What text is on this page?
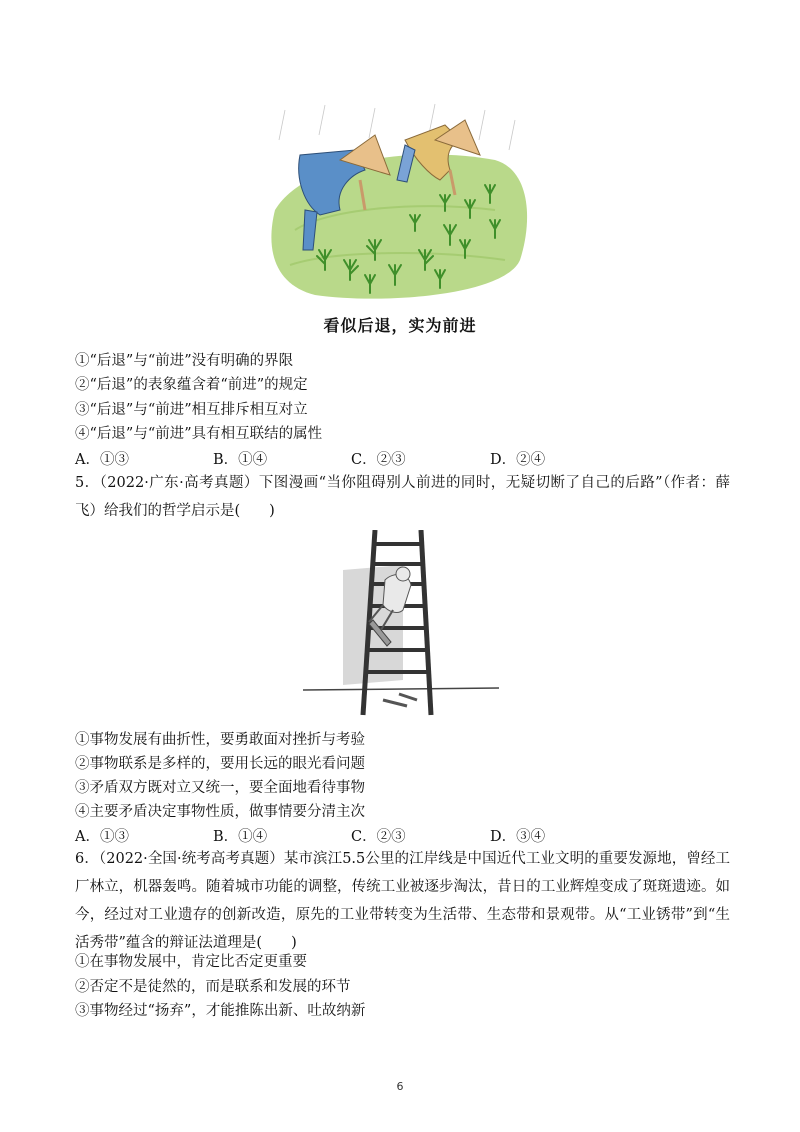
看似后退，实为前进
①“后退”与“前进”没有明确的界限
②“后退”的表象蕴含着“前进”的规定
③“后退”与“前进”相互排斥相互对立
④“后退”与“前进”具有相互联结的属性
A．①③	B．①④	C．②③	D．②④
5．（2022·广东·高考真题）下图漫画“当你阻碍别人前进的同时，无疑切断了自己的后路”（作者：薛飞）给我们的哲学启示是(　　)
①事物发展有曲折性，要勇敢面对挫折与考验
②事物联系是多样的，要用长远的眼光看问题
③矛盾双方既对立又统一，要全面地看待事物
④主要矛盾决定事物性质，做事情要分清主次
A．①③	B．①④	C．②③	D．③④
6．（2022·全国·统考高考真题）某市滨江5.5公里的江岸线是中国近代工业文明的重要发源地，曾经工厂林立，机器轰鸣。随着城市功能的调整，传统工业被逐步淘汰，昔日的工业辉煌变成了斑斑遗迹。如今，经过对工业遗存的创新改造，原先的工业带转变为生活带、生态带和景观带。从“工业锈带”到“生活秀带”蕴含的辩证法道理是(　　)
①在事物发展中，肯定比否定更重要
②否定不是徒然的，而是联系和发展的环节
③事物经过“扬弃”，才能推陈出新、吐故纳新
6
